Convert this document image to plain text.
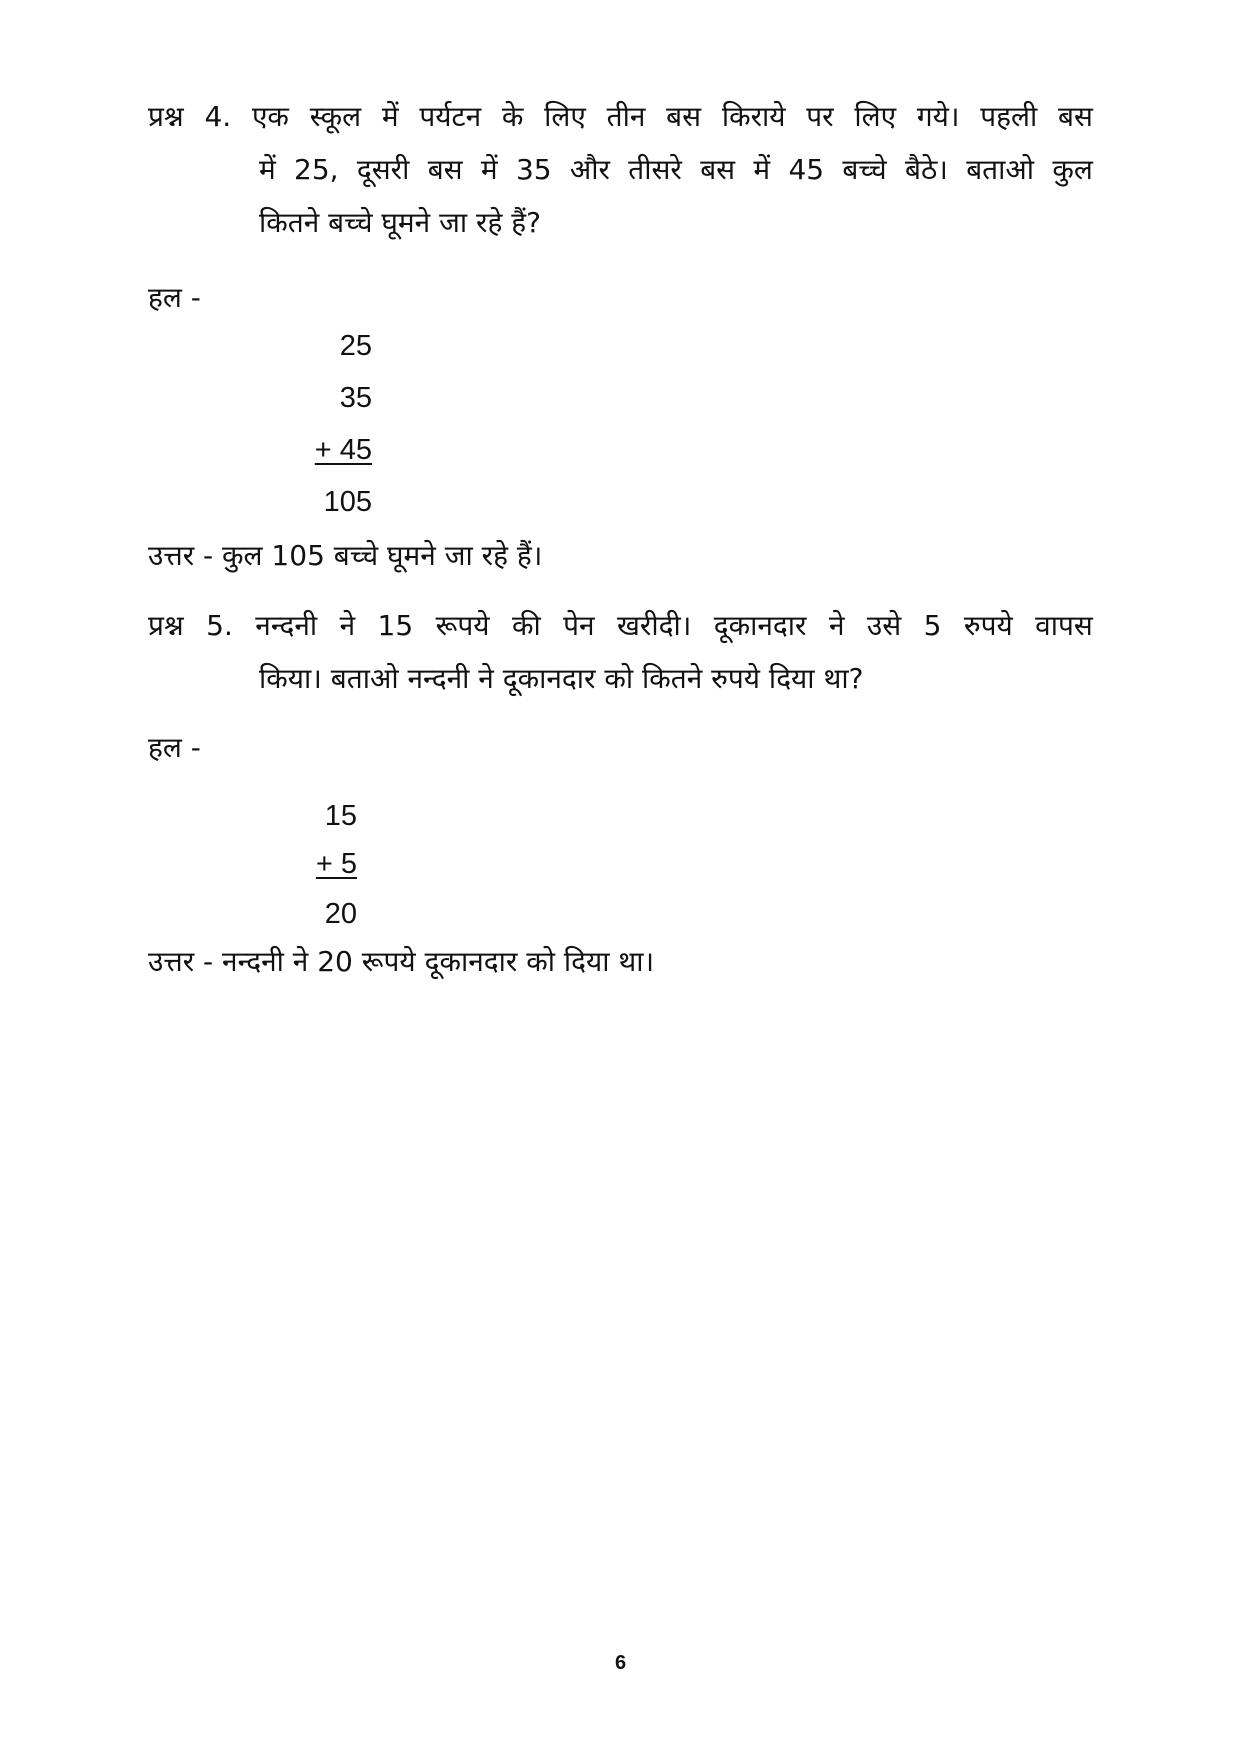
प्रश्न 4. एक स्कूल में पर्यटन के लिए तीन बस किराये पर लिए गये। पहली बस
में 25, दूसरी बस में 35 और तीसरे बस में 45 बच्चे बैठे। बताओ कुल
कितने बच्चे घूमने जा रहे हैं?
हल -
25
35
+ 45
105
उत्तर - कुल 105 बच्चे घूमने जा रहे हैं।
प्रश्न 5. नन्दनी ने 15 रूपये की पेन खरीदी। दूकानदार ने उसे 5 रुपये वापस
किया। बताओ नन्दनी ने दूकानदार को कितने रुपये दिया था?
हल -
15
+ 5
20
उत्तर - नन्दनी ने 20 रूपये दूकानदार को दिया था।
6
